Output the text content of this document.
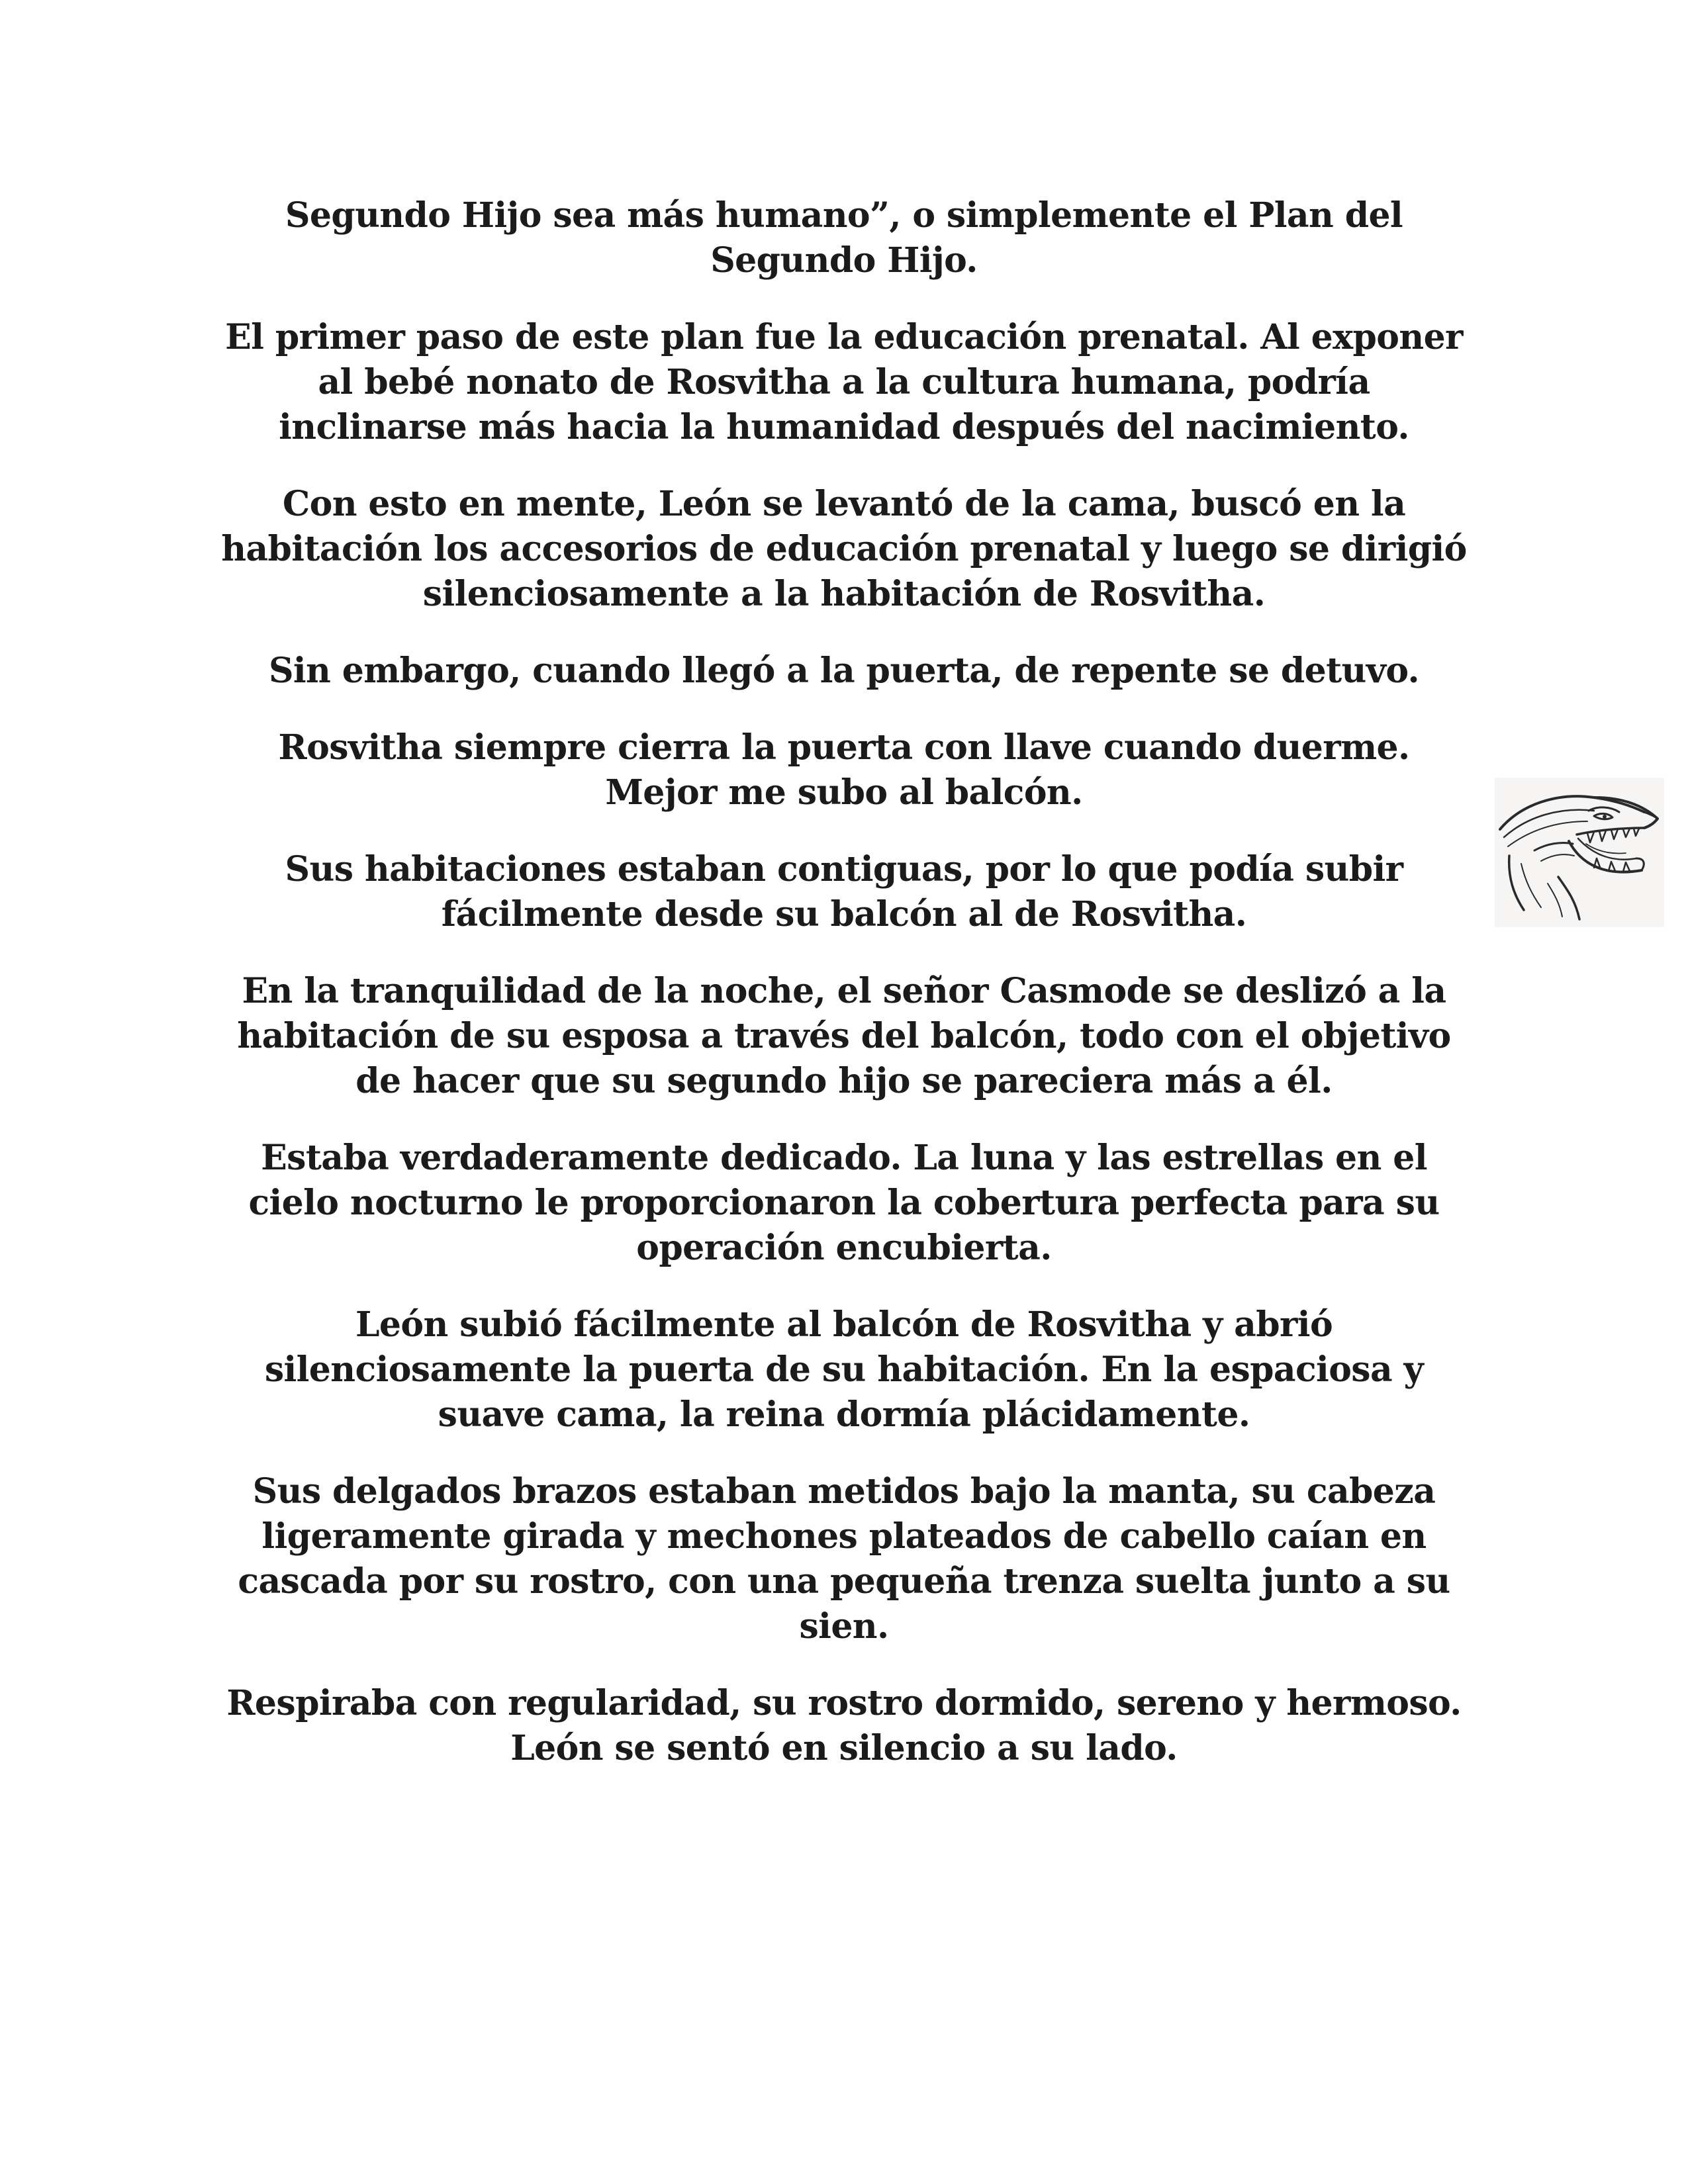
Segundo Hijo sea más humano”, o simplemente el Plan del Segundo Hijo.

El primer paso de este plan fue la educación prenatal. Al exponer al bebé nonato de Rosvitha a la cultura humana, podría inclinarse más hacia la humanidad después del nacimiento.

Con esto en mente, León se levantó de la cama, buscó en la habitación los accesorios de educación prenatal y luego se dirigió silenciosamente a la habitación de Rosvitha.

Sin embargo, cuando llegó a la puerta, de repente se detuvo.

Rosvitha siempre cierra la puerta con llave cuando duerme. Mejor me subo al balcón.

Sus habitaciones estaban contiguas, por lo que podía subir fácilmente desde su balcón al de Rosvitha.

En la tranquilidad de la noche, el señor Casmode se deslizó a la habitación de su esposa a través del balcón, todo con el objetivo de hacer que su segundo hijo se pareciera más a él.

Estaba verdaderamente dedicado. La luna y las estrellas en el cielo nocturno le proporcionaron la cobertura perfecta para su operación encubierta.

León subió fácilmente al balcón de Rosvitha y abrió silenciosamente la puerta de su habitación. En la espaciosa y suave cama, la reina dormía plácidamente.

Sus delgados brazos estaban metidos bajo la manta, su cabeza ligeramente girada y mechones plateados de cabello caían en cascada por su rostro, con una pequeña trenza suelta junto a su sien.

Respiraba con regularidad, su rostro dormido, sereno y hermoso. León se sentó en silencio a su lado.
